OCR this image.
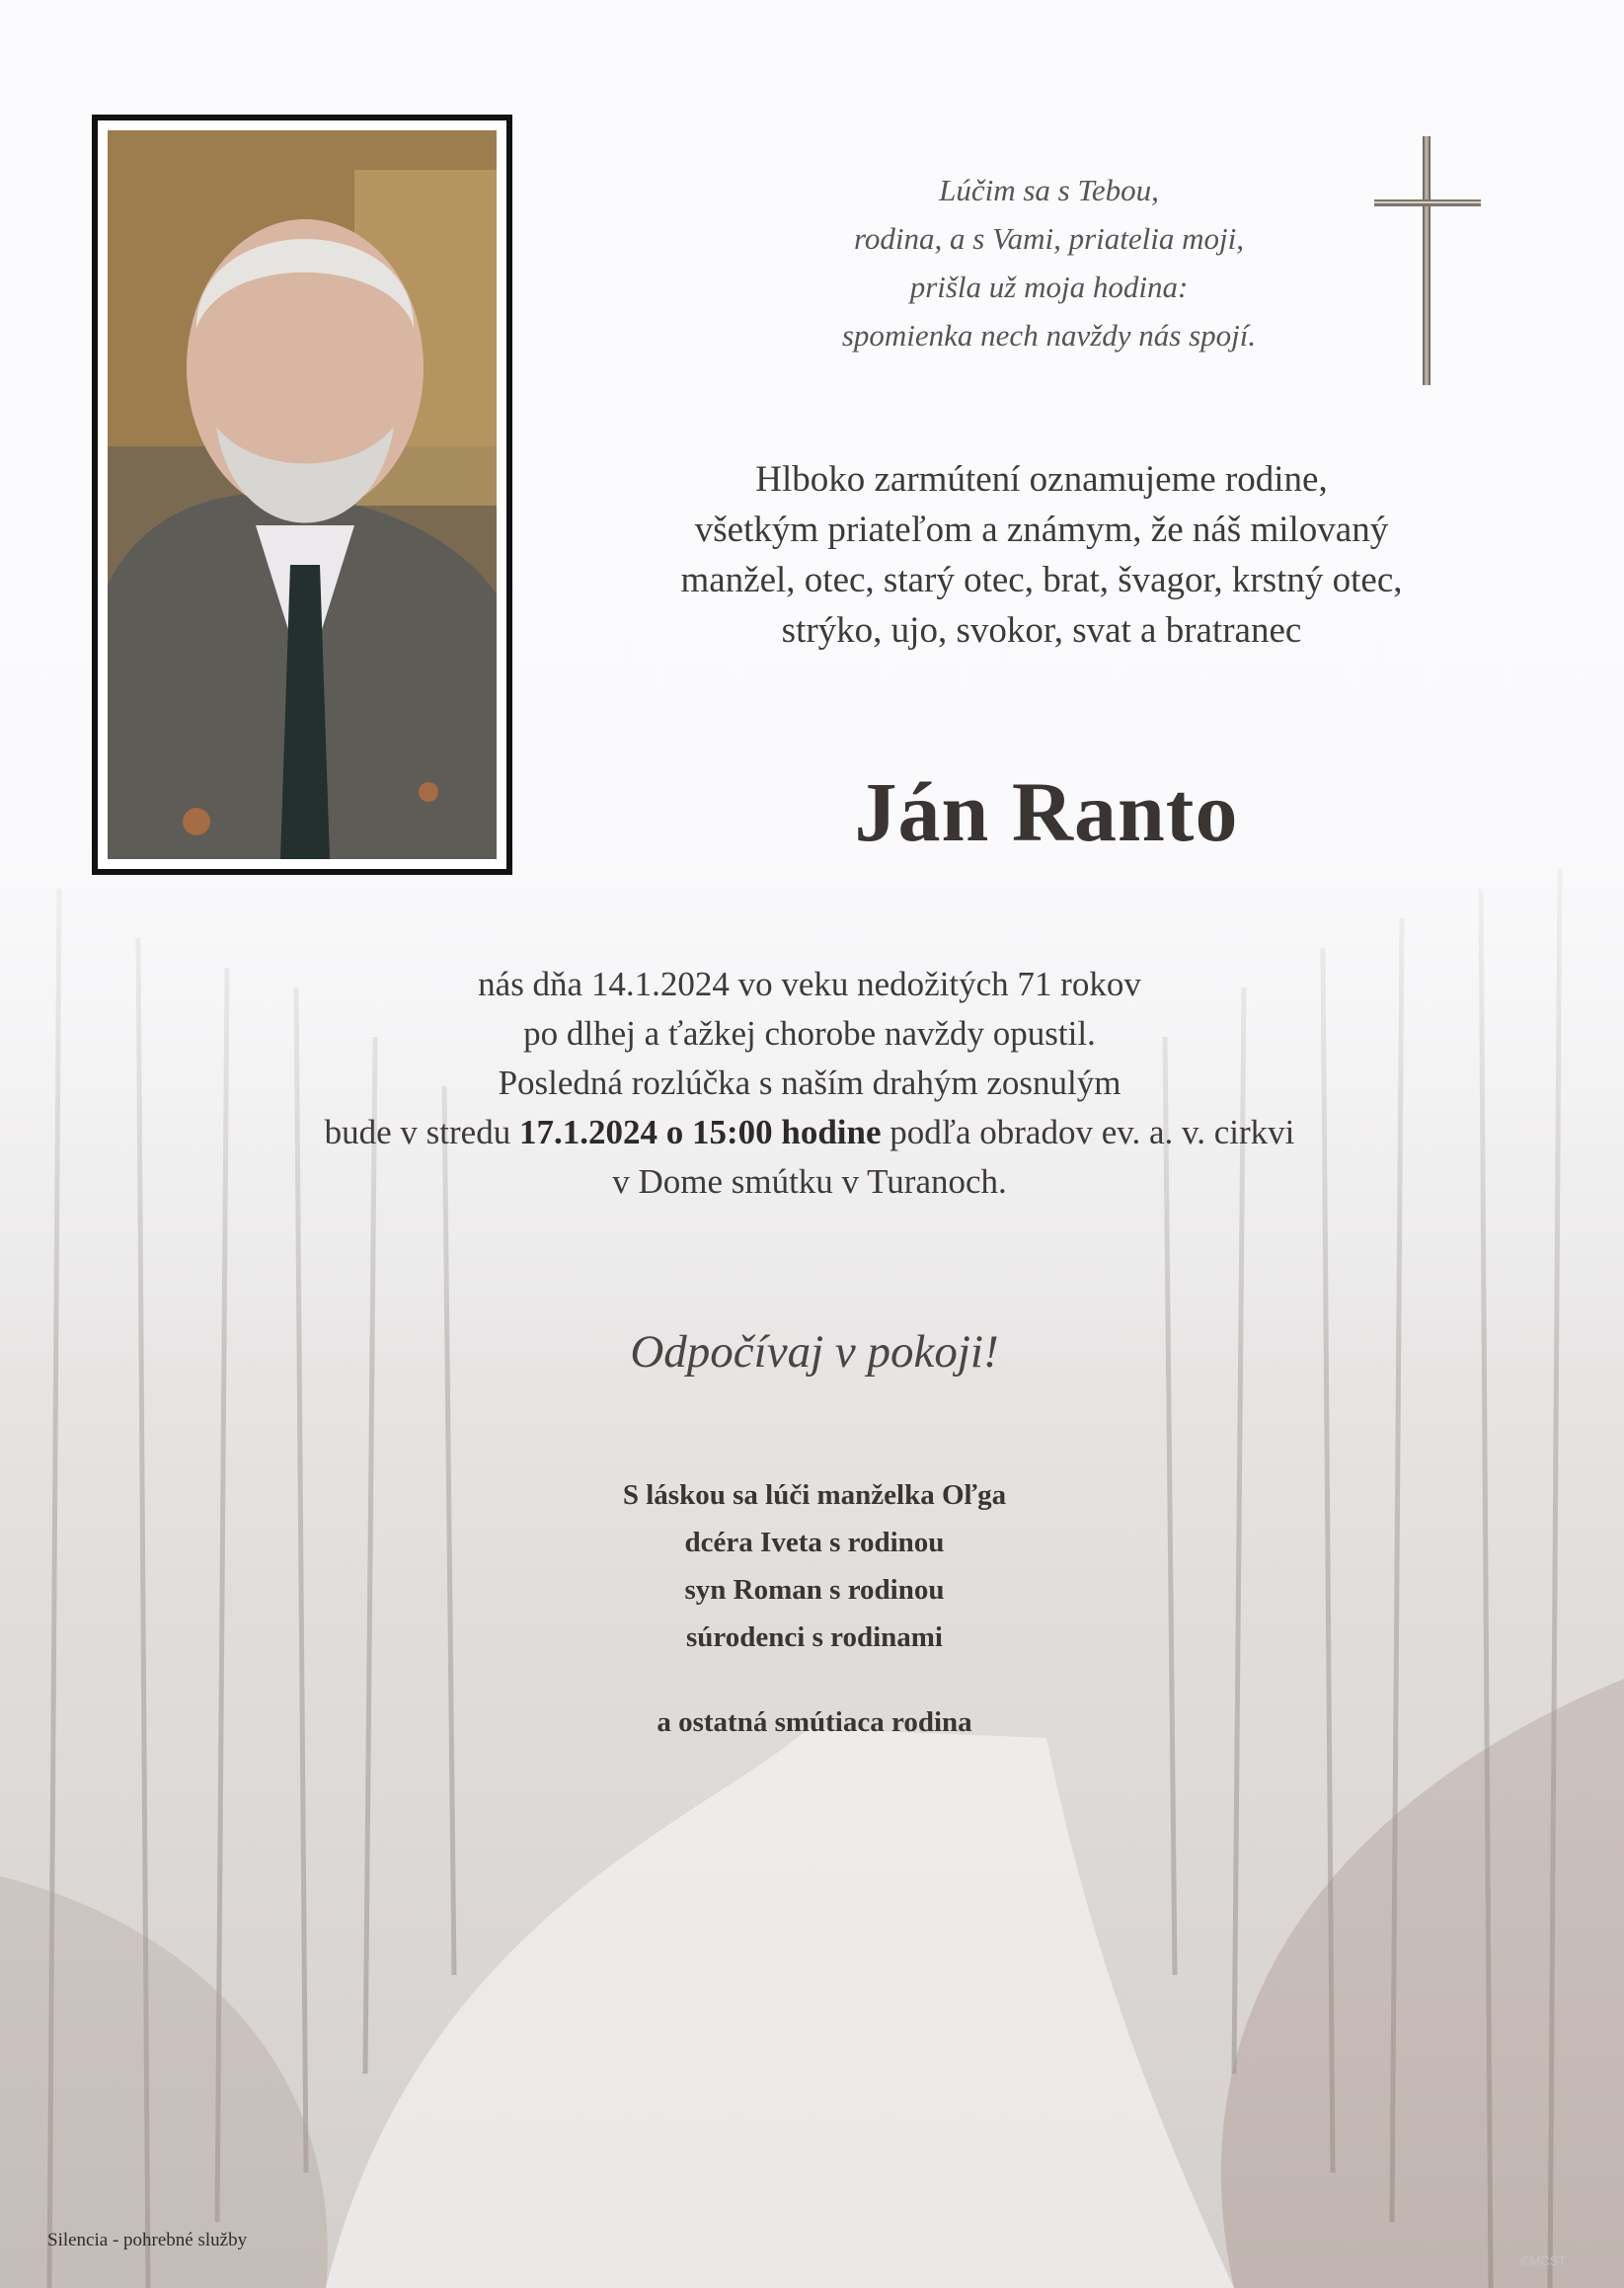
Lúčim sa s Tebou,
rodina, a s Vami, priatelia moji,
prišla už moja hodina:
spomienka nech navždy nás spojí.
Hlboko zarmútení oznamujeme rodine,
všetkým priateľom a známym, že náš milovaný
manžel, otec, starý otec, brat, švagor, krstný otec,
strýko, ujo, svokor, svat a bratranec
Ján Ranto
nás dňa 14.1.2024 vo veku nedožitých 71 rokov
po dlhej a ťažkej chorobe navždy opustil.
Posledná rozlúčka s naším drahým zosnulým
bude v stredu 17.1.2024 o 15:00 hodine podľa obradov ev. a. v. cirkvi
v Dome smútku v Turanoch.
Odpočívaj v pokoji!
S láskou sa lúči manželka Oľga
dcéra Iveta s rodinou
syn Roman s rodinou
súrodenci s rodinami
a ostatná smútiaca rodina
Silencia - pohrebné služby
©MCST
